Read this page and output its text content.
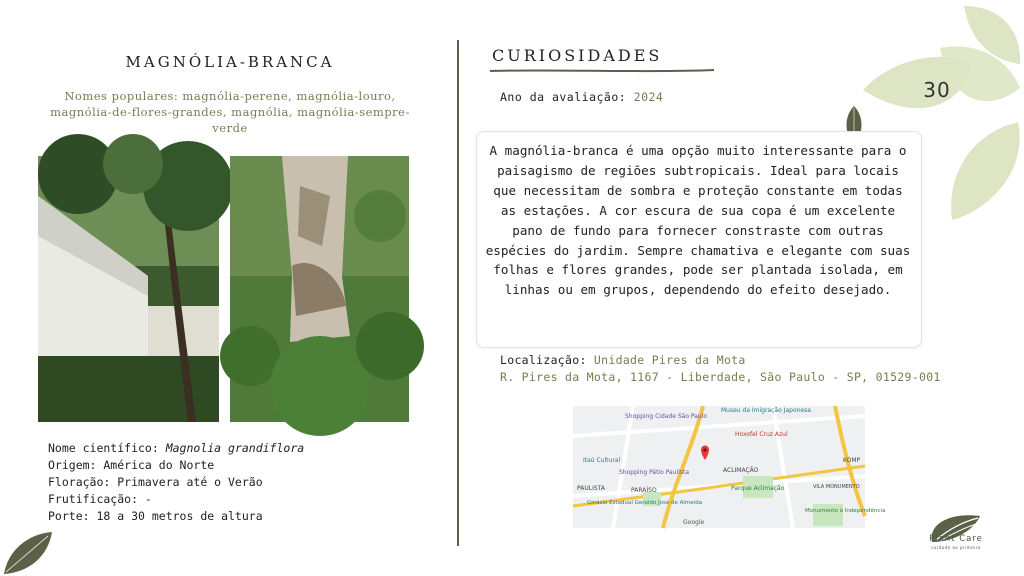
30
MAGNÓLIA-BRANCA
Nomes populares: magnólia-perene, magnólia-louro, magnólia-de-flores-grandes, magnólia, magnólia-sempre-verde
Nome científico: Magnolia grandiflora
Origem: América do Norte
Floração: Primavera até o Verão
Frutificação: -
Porte: 18 a 30 metros de altura
CURIOSIDADES
Ano da avaliação: 2024
A magnólia-branca é uma opção muito interessante para o paisagismo de regiões subtropicais. Ideal para locais que necessitam de sombra e proteção constante em todas as estações. A cor escura de sua copa é um excelente pano de fundo para fornecer constraste com outras espécies do jardim. Sempre chamativa e elegante com suas folhas e flores grandes, pode ser plantada isolada, em linhas ou em grupos, dependendo do efeito desejado.
Localização: Unidade Pires da Mota
R. Pires da Mota, 1167 - Liberdade, São Paulo - SP, 01529-001
Shopping Cidade São Paulo
Museu da Imigração Japonesa
Hoxofel Cruz Azul
Itaú Cultural
Shopping Pátio Paulista	ACLIMAÇÃO
PAULISTA	PARAÍSO	Parque Aclimação	VILA MONUMENTO
Ginásio Estadual Geraldo José de Almeida
Monumento à Independência
KOMP
Google
Plant Care
cuidado ao primeiro
